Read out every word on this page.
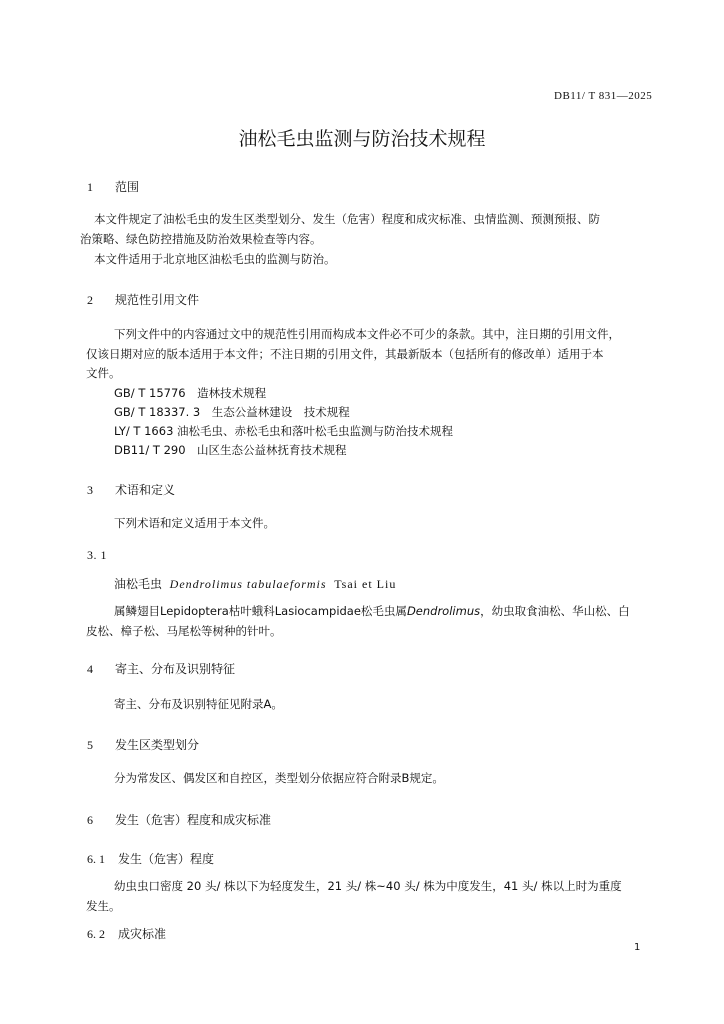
DB11/ T 831—2025
油松毛虫监测与防治技术规程
1 范围
本文件规定了油松毛虫的发生区类型划分、发生（危害）程度和成灾标准、虫情监测、预测预报、防
治策略、绿色防控措施及防治效果检查等内容。
本文件适用于北京地区油松毛虫的监测与防治。
2 规范性引用文件
下列文件中的内容通过文中的规范性引用而构成本文件必不可少的条款。其中，注日期的引用文件，
仅该日期对应的版本适用于本文件；不注日期的引用文件，其最新版本（包括所有的修改单）适用于本
文件。
GB/ T 15776　造林技术规程
GB/ T 18337. 3　生态公益林建设　技术规程
LY/ T 1663 油松毛虫、赤松毛虫和落叶松毛虫监测与防治技术规程
DB11/ T 290　山区生态公益林抚育技术规程
3 术语和定义
下列术语和定义适用于本文件。
3. 1
油松毛虫 Dendrolimus tabulaeformis Tsai et Liu
属鳞翅目Lepidoptera枯叶蛾科Lasiocampidae松毛虫属Dendrolimus，幼虫取食油松、华山松、白
皮松、樟子松、马尾松等树种的针叶。
4 寄主、分布及识别特征
寄主、分布及识别特征见附录A。
5 发生区类型划分
分为常发区、偶发区和自控区，类型划分依据应符合附录B规定。
6 发生（危害）程度和成灾标准
6. 1 发生（危害）程度
幼虫虫口密度 20 头/ 株以下为轻度发生，21 头/ 株~40 头/ 株为中度发生，41 头/ 株以上时为重度
发生。
6. 2 成灾标准
1
